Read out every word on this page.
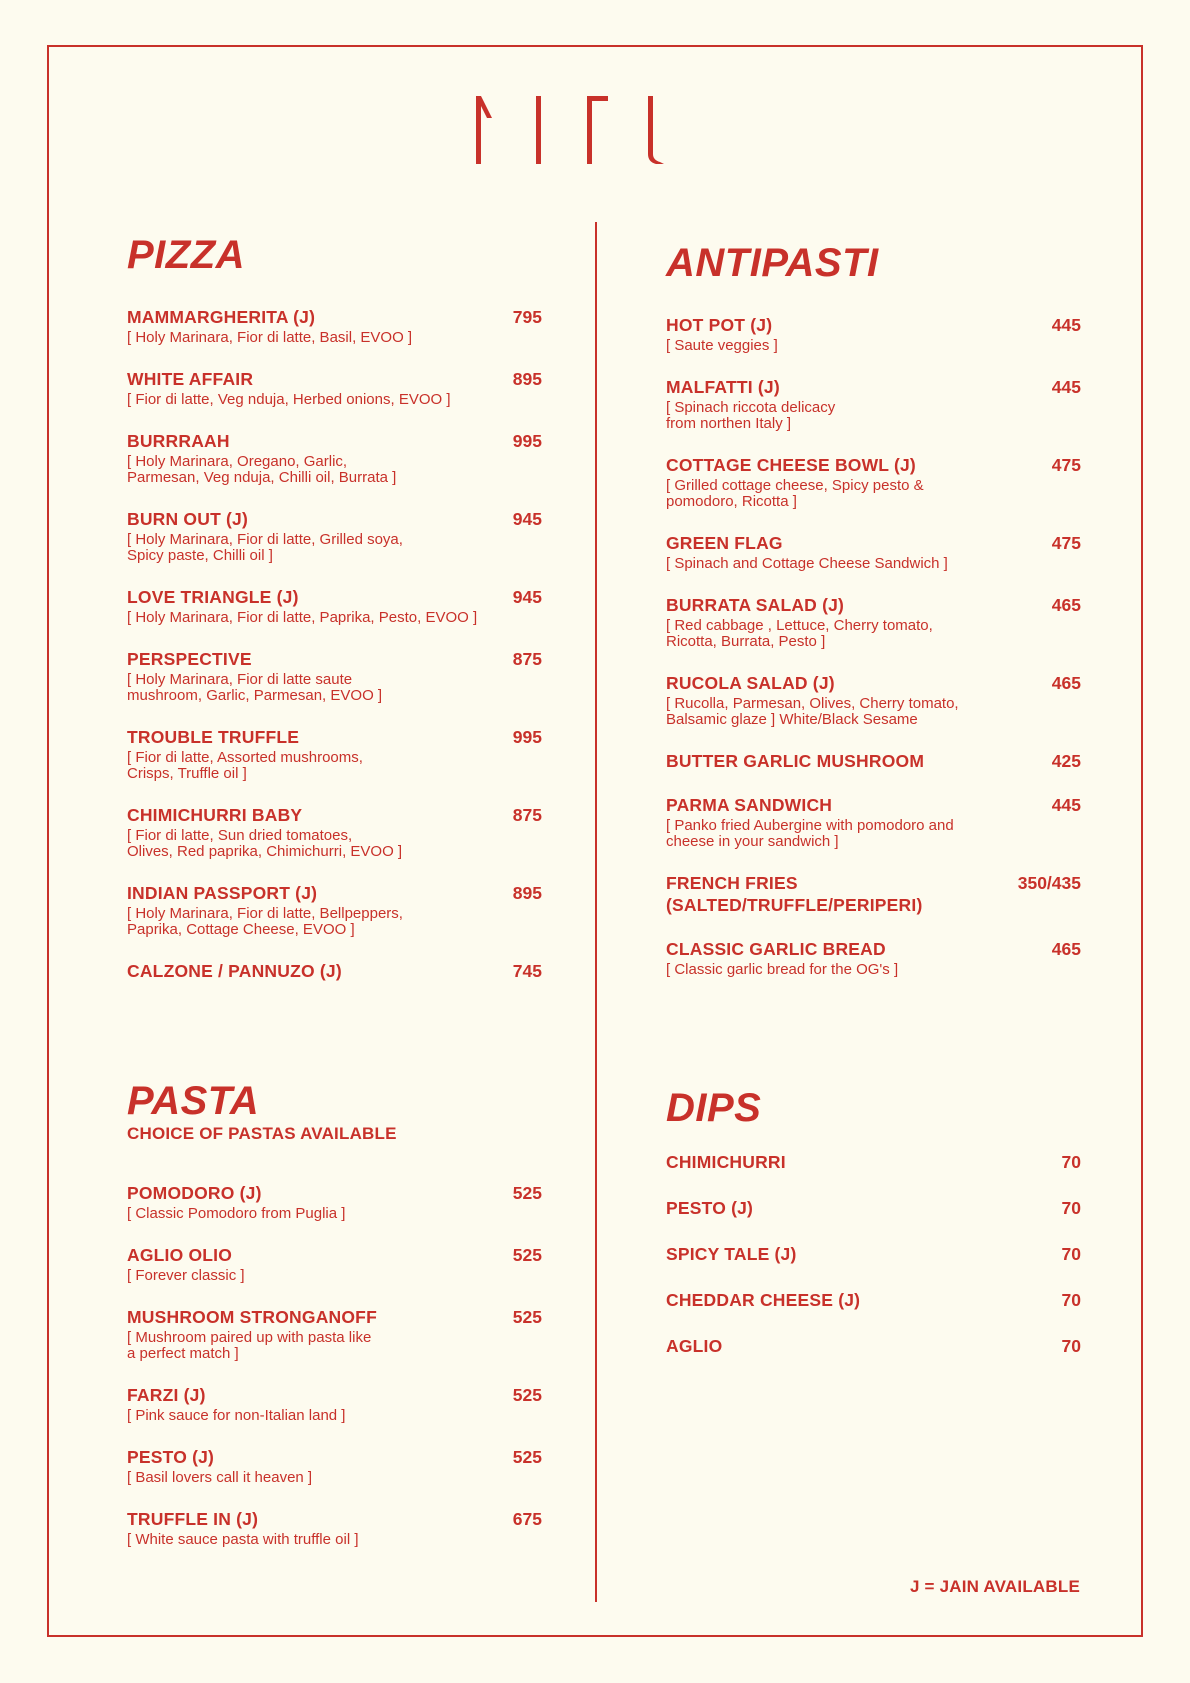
PIZZA
MAMMARGHERITA (J)	795
[ Holy Marinara, Fior di latte, Basil, EVOO ]
WHITE AFFAIR	895
[ Fior di latte, Veg nduja, Herbed onions, EVOO ]
BURRRAAH	995
[ Holy Marinara, Oregano, Garlic,
Parmesan, Veg nduja, Chilli oil, Burrata ]
BURN OUT (J)	945
[ Holy Marinara, Fior di latte, Grilled soya,
Spicy paste, Chilli oil ]
LOVE TRIANGLE (J)	945
[ Holy Marinara, Fior di latte, Paprika, Pesto, EVOO ]
PERSPECTIVE	875
[ Holy Marinara, Fior di latte saute
mushroom, Garlic, Parmesan, EVOO ]
TROUBLE TRUFFLE	995
[ Fior di latte, Assorted mushrooms,
Crisps, Truffle oil ]
CHIMICHURRI BABY	875
[ Fior di latte, Sun dried tomatoes,
Olives, Red paprika, Chimichurri, EVOO ]
INDIAN PASSPORT (J)	895
[ Holy Marinara, Fior di latte, Bellpeppers,
Paprika, Cottage Cheese, EVOO ]
CALZONE / PANNUZO (J)	745
PASTA
CHOICE OF PASTAS AVAILABLE
POMODORO (J)	525
[ Classic Pomodoro from Puglia ]
AGLIO OLIO	525
[ Forever classic ]
MUSHROOM STRONGANOFF	525
[ Mushroom paired up with pasta like
a perfect match ]
FARZI (J)	525
[ Pink sauce for non-Italian land ]
PESTO (J)	525
[ Basil lovers call it heaven ]
TRUFFLE IN (J)	675
[ White sauce pasta with truffle oil ]
ANTIPASTI
HOT POT (J)	445
[ Saute veggies ]
MALFATTI (J)	445
[ Spinach riccota delicacy
from northen Italy ]
COTTAGE CHEESE BOWL (J)	475
[ Grilled cottage cheese, Spicy pesto &
pomodoro, Ricotta ]
GREEN FLAG	475
[ Spinach and Cottage Cheese Sandwich ]
BURRATA SALAD (J)	465
[ Red cabbage , Lettuce, Cherry tomato,
Ricotta, Burrata, Pesto ]
RUCOLA SALAD (J)	465
[ Rucolla, Parmesan, Olives, Cherry tomato,
Balsamic glaze ] White/Black Sesame
BUTTER GARLIC MUSHROOM	425
PARMA SANDWICH	445
[ Panko fried Aubergine with pomodoro and
cheese in your sandwich ]
FRENCH FRIES
(SALTED/TRUFFLE/PERIPERI)
350/435
CLASSIC GARLIC BREAD	465
[ Classic garlic bread for the OG's ]
DIPS
CHIMICHURRI	70
PESTO (J)	70
SPICY TALE (J)	70
CHEDDAR CHEESE (J)	70
AGLIO	70
J = JAIN AVAILABLE
